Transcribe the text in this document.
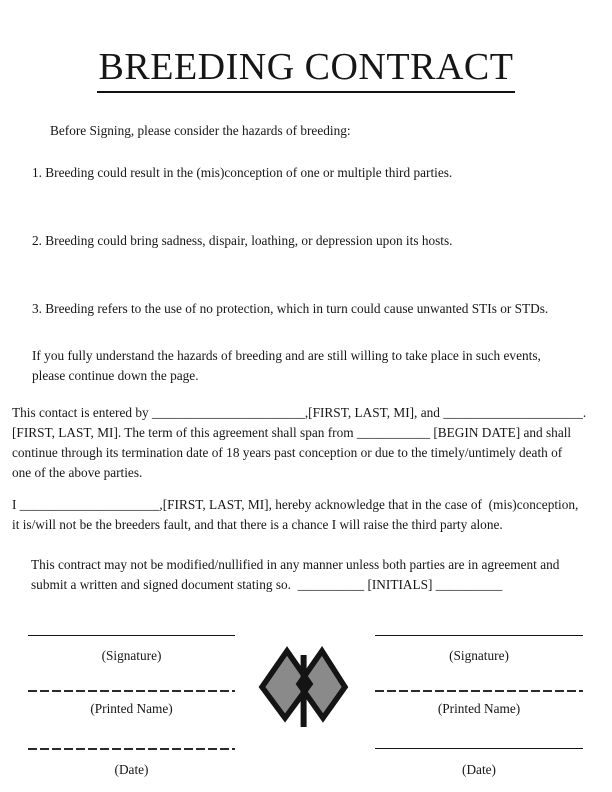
BREEDING CONTRACT
Before Signing, please consider the hazards of breeding:
1. Breeding could result in the (mis)conception of one or multiple third parties.
2. Breeding could bring sadness, dispair, loathing, or depression upon its hosts.
3. Breeding refers to the use of no protection, which in turn could cause unwanted STIs or STDs.
If you fully understand the hazards of breeding and are still willing to take place in such events,
please continue down the page.
This contact is entered by _______________________,[FIRST, LAST, MI], and _____________________.
[FIRST, LAST, MI]. The term of this agreement shall span from ___________ [BEGIN DATE] and shall
continue through its termination date of 18 years past conception or due to the timely/untimely death of
one of the above parties.
I _____________________,[FIRST, LAST, MI], hereby acknowledge that in the case of  (mis)conception,
it is/will not be the breeders fault, and that there is a chance I will raise the third party alone.
This contract may not be modified/nullified in any manner unless both parties are in agreement and
submit a written and signed document stating so.  __________ [INITIALS] __________
(Signature)
(Printed Name)
(Date)
(Signature)
(Printed Name)
(Date)
